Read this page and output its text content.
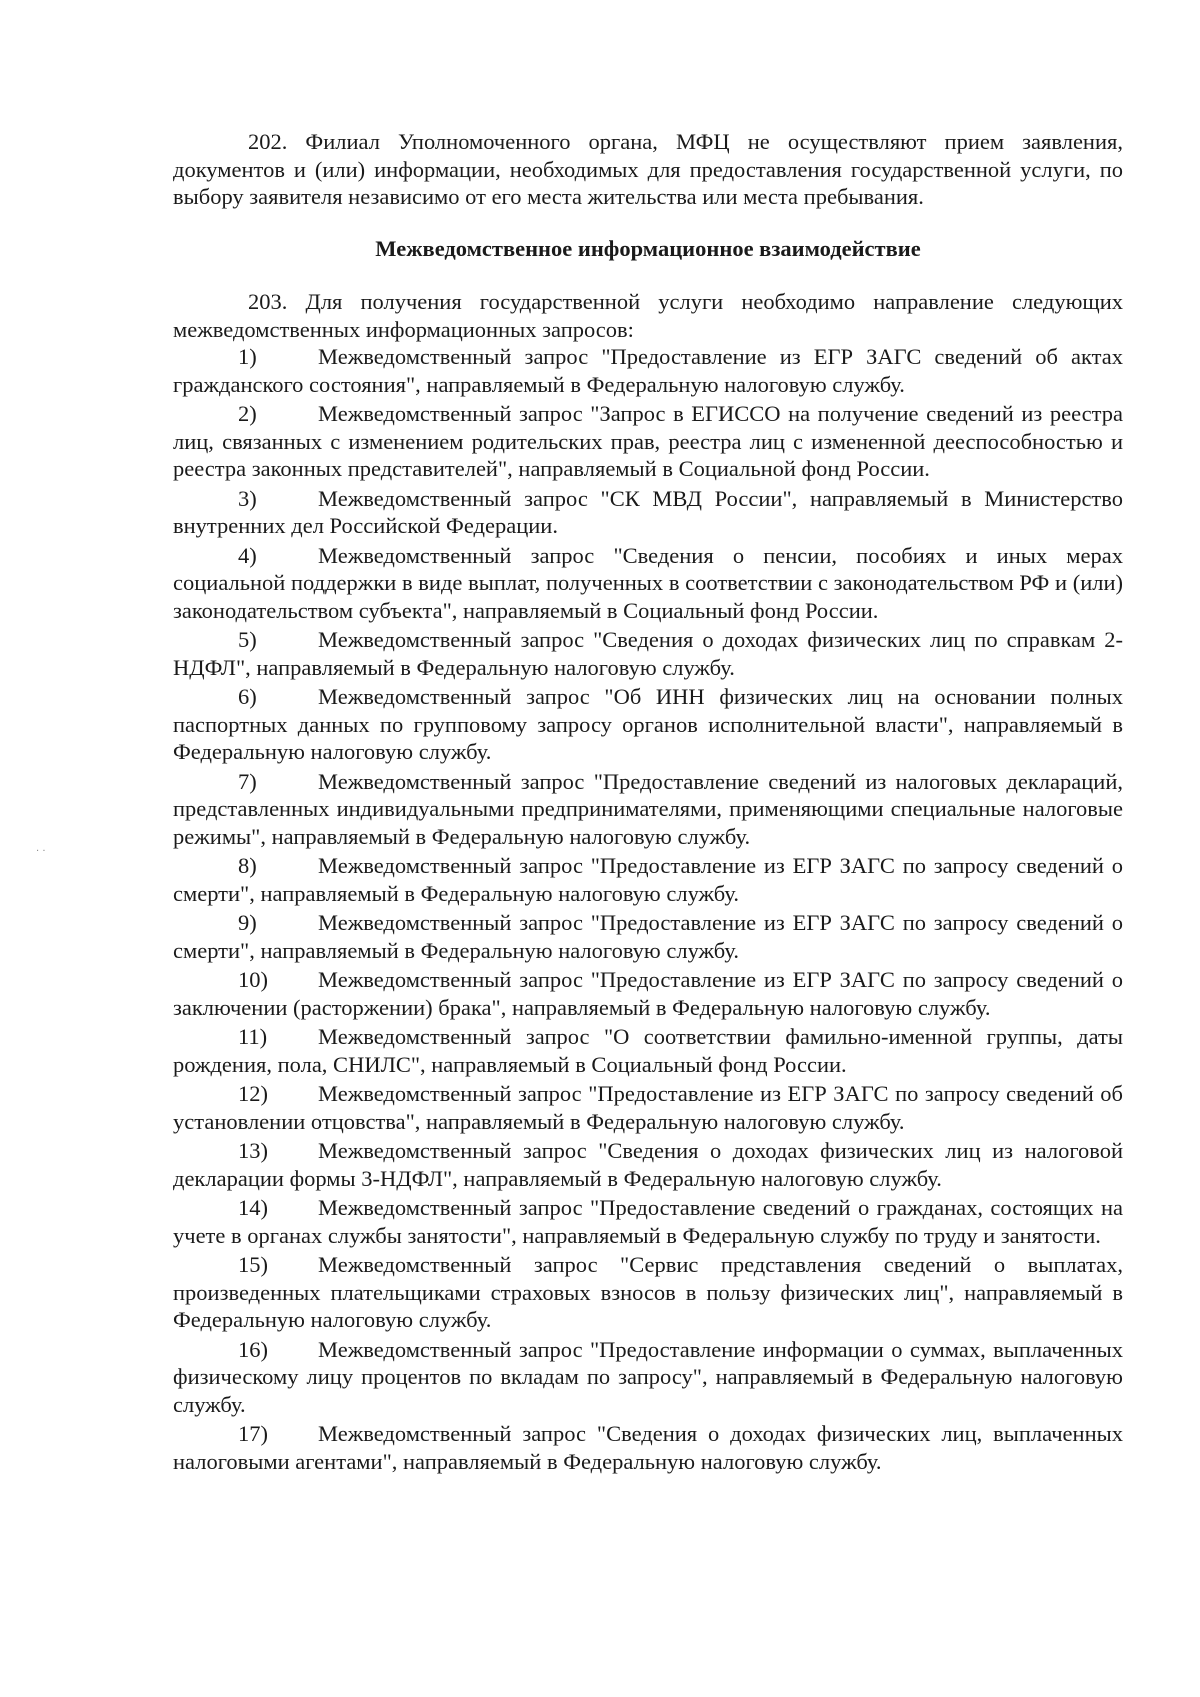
· ·

202. Филиал Уполномоченного органа, МФЦ не осуществляют прием заявления, документов и (или) информации, необходимых для предоставления государственной услуги, по выбору заявителя независимо от его места жительства или места пребывания.

Межведомственное информационное взаимодействие

203. Для получения государственной услуги необходимо направление следующих межведомственных информационных запросов:

1)	Межведомственный запрос "Предоставление из ЕГР ЗАГС сведений об актах гражданского состояния", направляемый в Федеральную налоговую службу.

2)	Межведомственный запрос "Запрос в ЕГИССО на получение сведений из реестра лиц, связанных с изменением родительских прав, реестра лиц с измененной дееспособностью и реестра законных представителей", направляемый в Социальной фонд России.

3)	Межведомственный запрос "СК МВД России", направляемый в Министерство внутренних дел Российской Федерации.

4)	Межведомственный запрос "Сведения о пенсии, пособиях и иных мерах социальной поддержки в виде выплат, полученных в соответствии с законодательством РФ и (или) законодательством субъекта", направляемый в Социальный фонд России.

5)	Межведомственный запрос "Сведения о доходах физических лиц по справкам 2-НДФЛ", направляемый в Федеральную налоговую службу.

6)	Межведомственный запрос "Об ИНН физических лиц на основании полных паспортных данных по групповому запросу органов исполнительной власти", направляемый в Федеральную налоговую службу.

7)	Межведомственный запрос "Предоставление сведений из налоговых деклараций, представленных индивидуальными предпринимателями, применяющими специальные налоговые режимы", направляемый в Федеральную налоговую службу.

8)	Межведомственный запрос "Предоставление из ЕГР ЗАГС по запросу сведений о смерти", направляемый в Федеральную налоговую службу.

9)	Межведомственный запрос "Предоставление из ЕГР ЗАГС по запросу сведений о смерти", направляемый в Федеральную налоговую службу.

10) Межведомственный запрос "Предоставление из ЕГР ЗАГС по запросу сведений о заключении (расторжении) брака", направляемый в Федеральную налоговую службу.

11) Межведомственный запрос "О соответствии фамильно-именной группы, даты рождения, пола, СНИЛС", направляемый в Социальный фонд России.

12) Межведомственный запрос "Предоставление из ЕГР ЗАГС по запросу сведений об установлении отцовства", направляемый в Федеральную налоговую службу.

13) Межведомственный запрос "Сведения о доходах физических лиц из налоговой декларации формы 3-НДФЛ", направляемый в Федеральную налоговую службу.

14) Межведомственный запрос "Предоставление сведений о гражданах, состоящих на учете в органах службы занятости", направляемый в Федеральную службу по труду и занятости.

15) Межведомственный запрос "Сервис представления сведений о выплатах, произведенных плательщиками страховых взносов в пользу физических лиц", направляемый в Федеральную налоговую службу.

16) Межведомственный запрос "Предоставление информации о суммах, выплаченных физическому лицу процентов по вкладам по запросу", направляемый в Федеральную налоговую службу.

17) Межведомственный запрос "Сведения о доходах физических лиц, выплаченных налоговыми агентами", направляемый в Федеральную налоговую службу.
